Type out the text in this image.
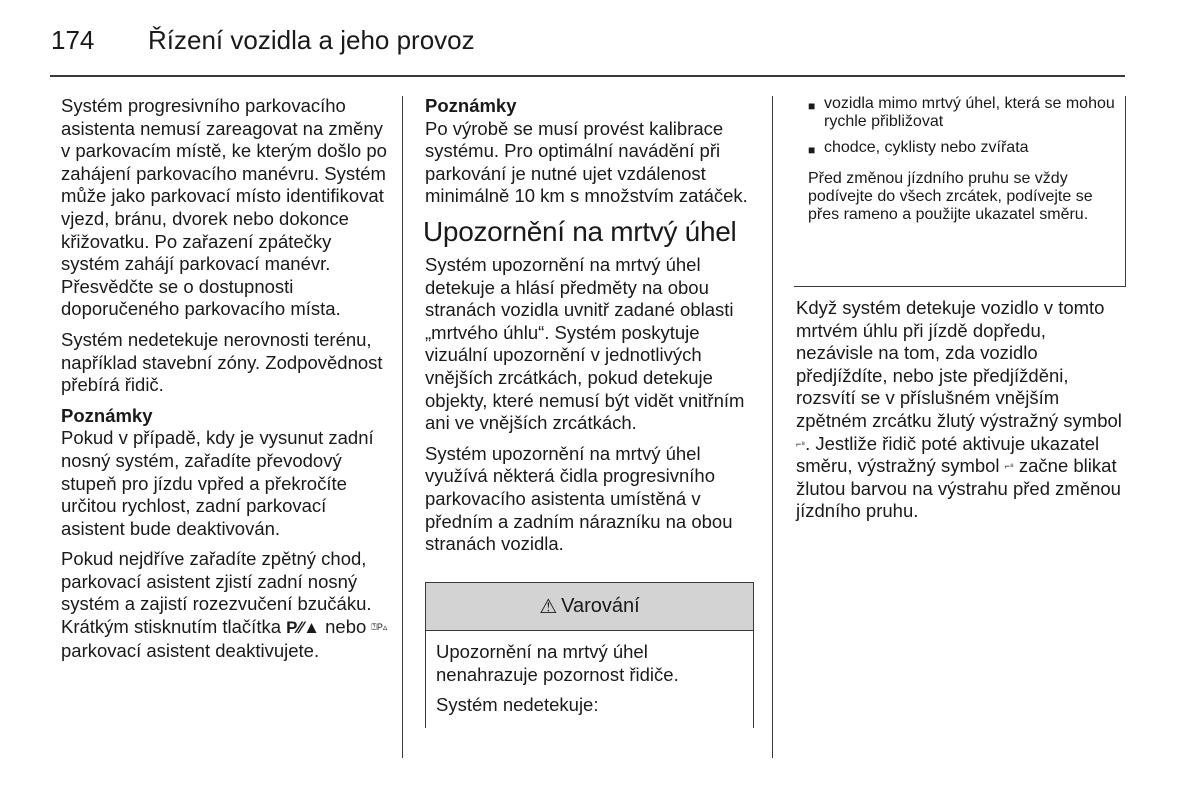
174 Řízení vozidla a jeho provoz

Systém progresivního parkovacího asistenta nemusí zareagovat na změny v parkovacím místě, ke kterým došlo po zahájení parkovacího manévru. Systém může jako parkovací místo identifikovat vjezd, bránu, dvorek nebo dokonce křižovatku. Po zařazení zpátečky systém zahájí parkovací manévr. Přesvědčte se o dostupnosti doporučeného parkovacího místa.

Systém nedetekuje nerovnosti terénu, například stavební zóny. Zodpovědnost přebírá řidič.

Poznámky

Pokud v případě, kdy je vysunut zadní nosný systém, zařadíte převodový stupeň pro jízdu vpřed a překročíte určitou rychlost, zadní parkovací asistent bude deaktivován.

Pokud nejdříve zařadíte zpětný chod, parkovací asistent zjistí zadní nosný systém a zajistí rozezvučení bzučáku. Krátkým stisknutím tlačítka P⁄⁄▲ nebo ⍰P▵ parkovací asistent deaktivujete.

Poznámky

Po výrobě se musí provést kalibrace systému. Pro optimální navádění při parkování je nutné ujet vzdálenost minimálně 10 km s množstvím zatáček.

Upozornění na mrtvý úhel

Systém upozornění na mrtvý úhel detekuje a hlásí předměty na obou stranách vozidla uvnitř zadané oblasti „mrtvého úhlu“. Systém poskytuje vizuální upozornění v jednotlivých vnějších zrcátkách, pokud detekuje objekty, které nemusí být vidět vnitřním ani ve vnějších zrcátkách.

Systém upozornění na mrtvý úhel využívá některá čidla progresivního parkovacího asistenta umístěná v předním a zadním nárazníku na obou stranách vozidla.

⚠ Varování

Upozornění na mrtvý úhel nenahrazuje pozornost řidiče.

Systém nedetekuje:

■ vozidla mimo mrtvý úhel, která se mohou rychle přibližovat
■ chodce, cyklisty nebo zvířata

Před změnou jízdního pruhu se vždy podívejte do všech zrcátek, podívejte se přes rameno a použijte ukazatel směru.

Když systém detekuje vozidlo v tomto mrtvém úhlu při jízdě dopředu, nezávisle na tom, zda vozidlo předjíždíte, nebo jste předjížděni, rozsvítí se v příslušném vnějším zpětném zrcátku žlutý výstražný symbol ⌐⁸. Jestliže řidič poté aktivuje ukazatel směru, výstražný symbol ⌐⁸ začne blikat žlutou barvou na výstrahu před změnou jízdního pruhu.
